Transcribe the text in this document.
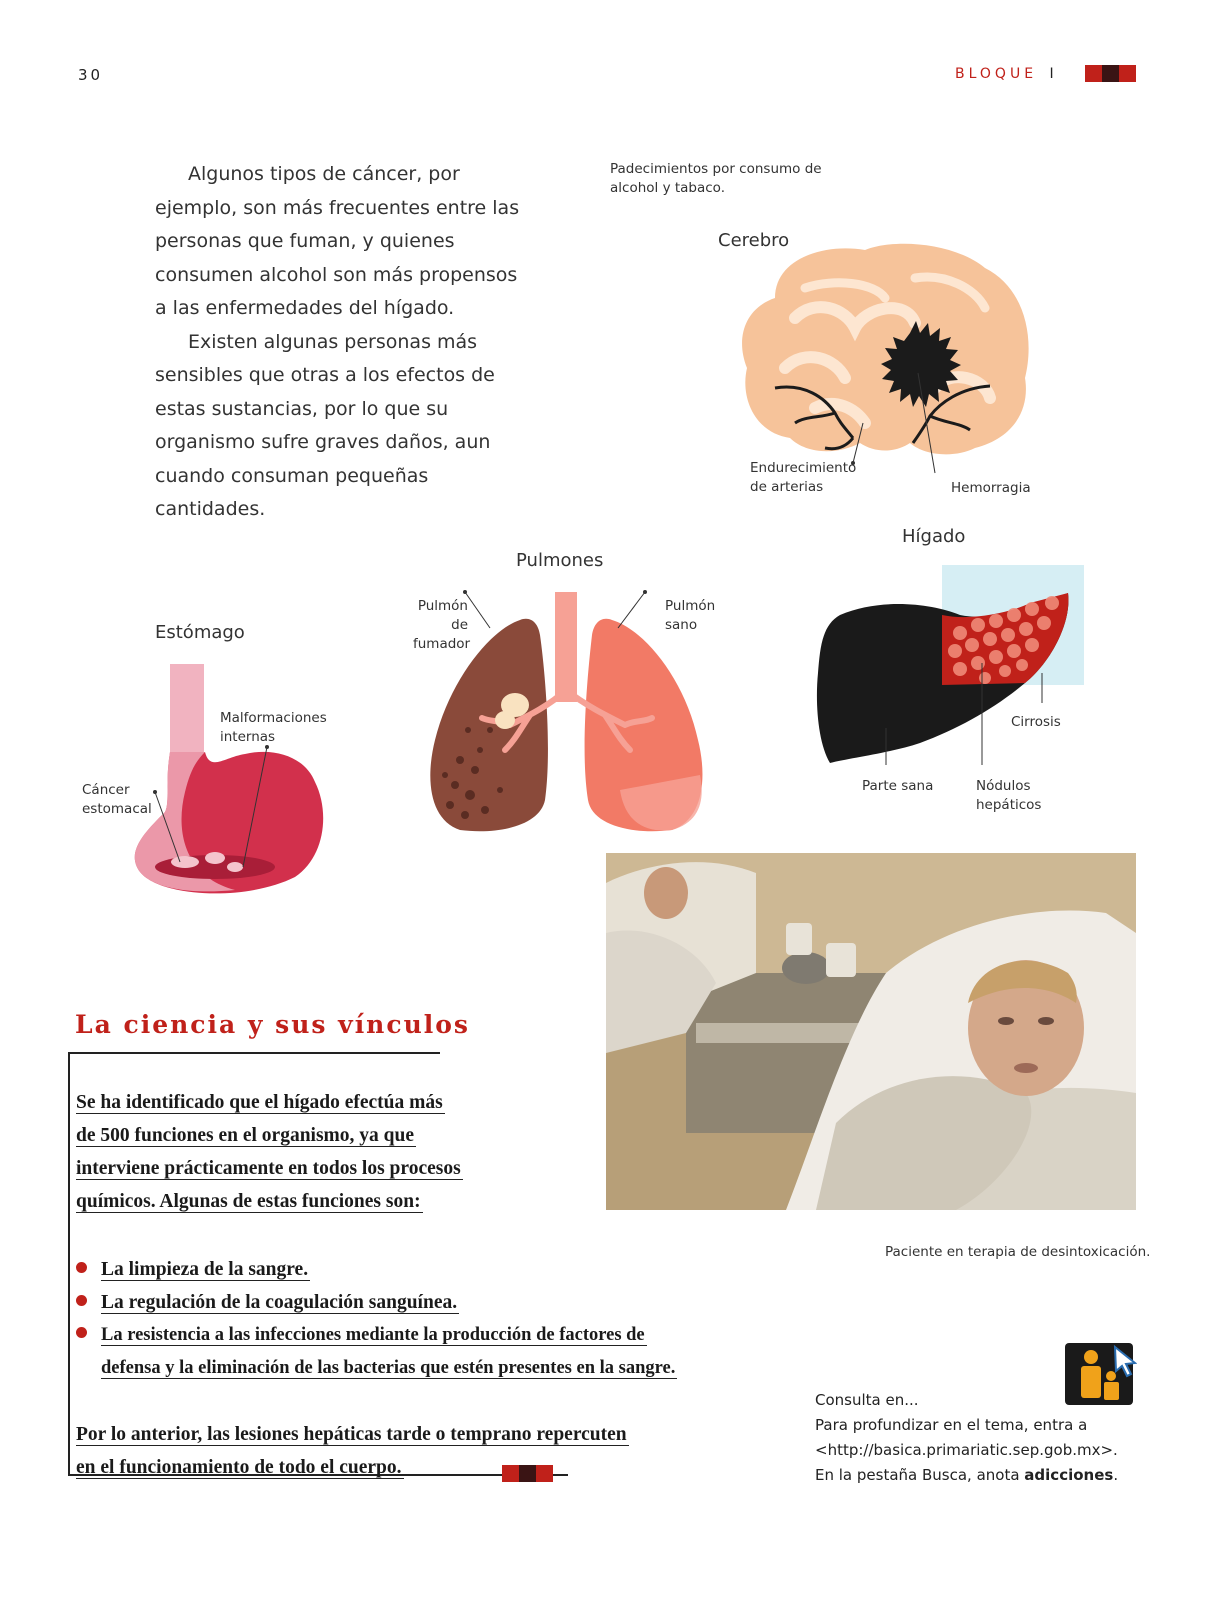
30	BLOQUE I

Algunos tipos de cáncer, por ejemplo, son más frecuentes entre las personas que fuman, y quienes consumen alcohol son más propensos a las enfermedades del hígado.

Existen algunas personas más sensibles que otras a los efectos de estas sustancias, por lo que su organismo sufre graves daños, aun cuando consuman pequeñas cantidades.

Padecimientos por consumo de
alcohol y tabaco.
Cerebro
Endurecimiento
de arterias	Hemorragia
Hígado
Cirrosis
Parte sana	Nódulos
hepáticos
Pulmones
Pulmón
de
fumador
Pulmón
sano
Estómago
Malformaciones
internas
Cáncer
estomacal
Paciente en terapia de desintoxicación.
La ciencia y sus vínculos
Se ha identificado que el hígado efectúa más
de 500 funciones en el organismo, ya que
interviene prácticamente en todos los procesos
químicos. Algunas de estas funciones son:
La limpieza de la sangre.
La regulación de la coagulación sanguínea.
La resistencia a las infecciones mediante la producción de factores de
defensa y la eliminación de las bacterias que estén presentes en la sangre.
Por lo anterior, las lesiones hepáticas tarde o temprano repercuten
en el funcionamiento de todo el cuerpo.
Consulta en...
Para profundizar en el tema, entra a
<http://basica.primariatic.sep.gob.mx>.
En la pestaña Busca, anota adicciones.
